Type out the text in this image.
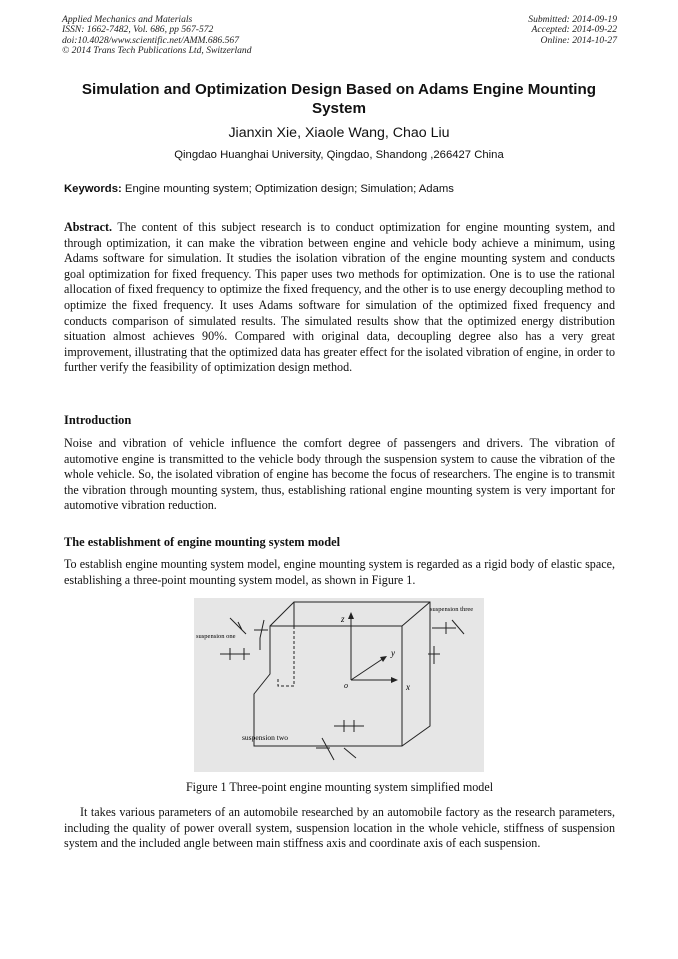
Applied Mechanics and Materials
ISSN: 1662-7482, Vol. 686, pp 567-572
doi:10.4028/www.scientific.net/AMM.686.567
© 2014 Trans Tech Publications Ltd, Switzerland
Submitted: 2014-09-19
Accepted: 2014-09-22
Online: 2014-10-27
Simulation and Optimization Design Based on Adams Engine Mounting System
Jianxin Xie, Xiaole Wang, Chao Liu
Qingdao Huanghai University, Qingdao, Shandong ,266427 China
Keywords: Engine mounting system; Optimization design; Simulation; Adams
Abstract. The content of this subject research is to conduct optimization for engine mounting system, and through optimization, it can make the vibration between engine and vehicle body achieve a minimum, using Adams software for simulation. It studies the isolation vibration of the engine mounting system and conducts goal optimization for fixed frequency. This paper uses two methods for optimization. One is to use the rational allocation of fixed frequency to optimize the fixed frequency, and the other is to use energy decoupling method to optimize the fixed frequency. It uses Adams software for simulation of the optimized fixed frequency and conducts comparison of simulated results. The simulated results show that the optimized energy distribution situation almost achieves 90%. Compared with original data, decoupling degree also has a very great improvement, illustrating that the optimized data has greater effect for the isolated vibration of engine, in order to further verify the feasibility of optimization design method.
Introduction
Noise and vibration of vehicle influence the comfort degree of passengers and drivers. The vibration of automotive engine is transmitted to the vehicle body through the suspension system to cause the vibration of the whole vehicle. So, the isolated vibration of engine has become the focus of researchers. The engine is to transmit the vibration through mounting system, thus, establishing rational engine mounting system is very important for automotive vibration reduction.
The establishment of engine mounting system model
To establish engine mounting system model, engine mounting system is regarded as a rigid body of elastic space, establishing a three-point mounting system model, as shown in Figure 1.
suspension one
suspension three
suspension two
z
y
x
o
Figure 1 Three-point engine mounting system simplified model
It takes various parameters of an automobile researched by an automobile factory as the research parameters, including the quality of power overall system, suspension location in the whole vehicle, stiffness of suspension system and the included angle between main stiffness axis and coordinate axis of each suspension.
